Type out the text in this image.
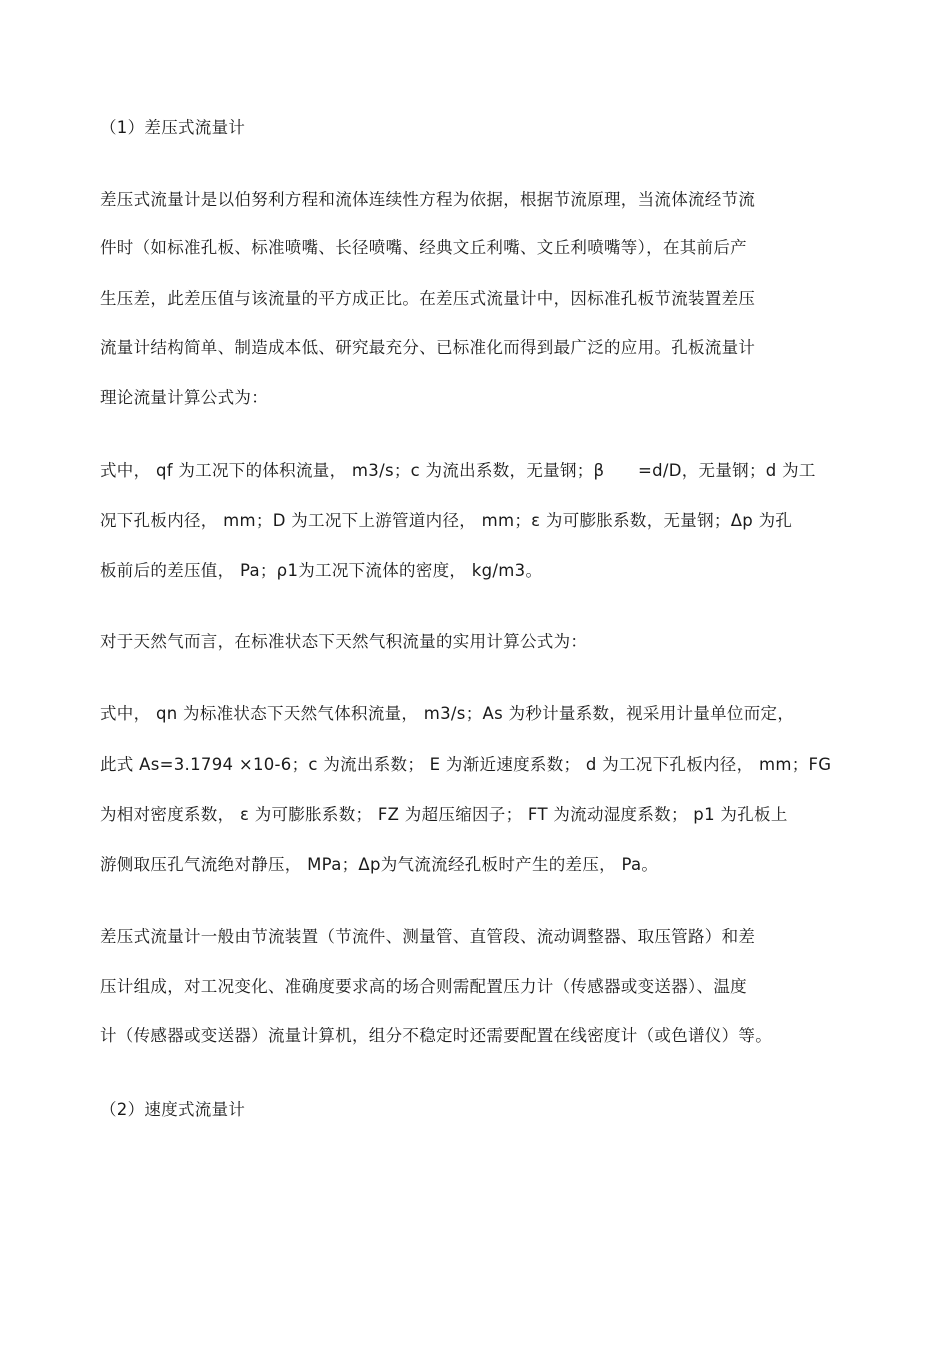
（1）差压式流量计
差压式流量计是以伯努利方程和流体连续性方程为依据，根据节流原理，当流体流经节流
件时（如标准孔板、标准喷嘴、长径喷嘴、经典文丘利嘴、文丘利喷嘴等），在其前后产
生压差，此差压值与该流量的平方成正比。在差压式流量计中，因标准孔板节流装置差压
流量计结构简单、制造成本低、研究最充分、已标准化而得到最广泛的应用。孔板流量计
理论流量计算公式为：
式中， qf 为工况下的体积流量， m3/s；c 为流出系数，无量钢；β　　=d/D，无量钢；d 为工
况下孔板内径， mm；D 为工况下上游管道内径， mm；ε 为可膨胀系数，无量钢；Δp 为孔
板前后的差压值， Pa；ρ1为工况下流体的密度， kg/m3。
对于天然气而言，在标准状态下天然气积流量的实用计算公式为：
式中， qn 为标准状态下天然气体积流量， m3/s；As 为秒计量系数，视采用计量单位而定，
此式 As=3.1794 ×10-6；c 为流出系数； E 为渐近速度系数； d 为工况下孔板内径， mm；FG
为相对密度系数， ε 为可膨胀系数； FZ 为超压缩因子； FT 为流动湿度系数； p1 为孔板上
游侧取压孔气流绝对静压， MPa；Δp为气流流经孔板时产生的差压， Pa。
差压式流量计一般由节流装置（节流件、测量管、直管段、流动调整器、取压管路）和差
压计组成，对工况变化、准确度要求高的场合则需配置压力计（传感器或变送器）、温度
计（传感器或变送器）流量计算机，组分不稳定时还需要配置在线密度计（或色谱仪）等。
（2）速度式流量计
